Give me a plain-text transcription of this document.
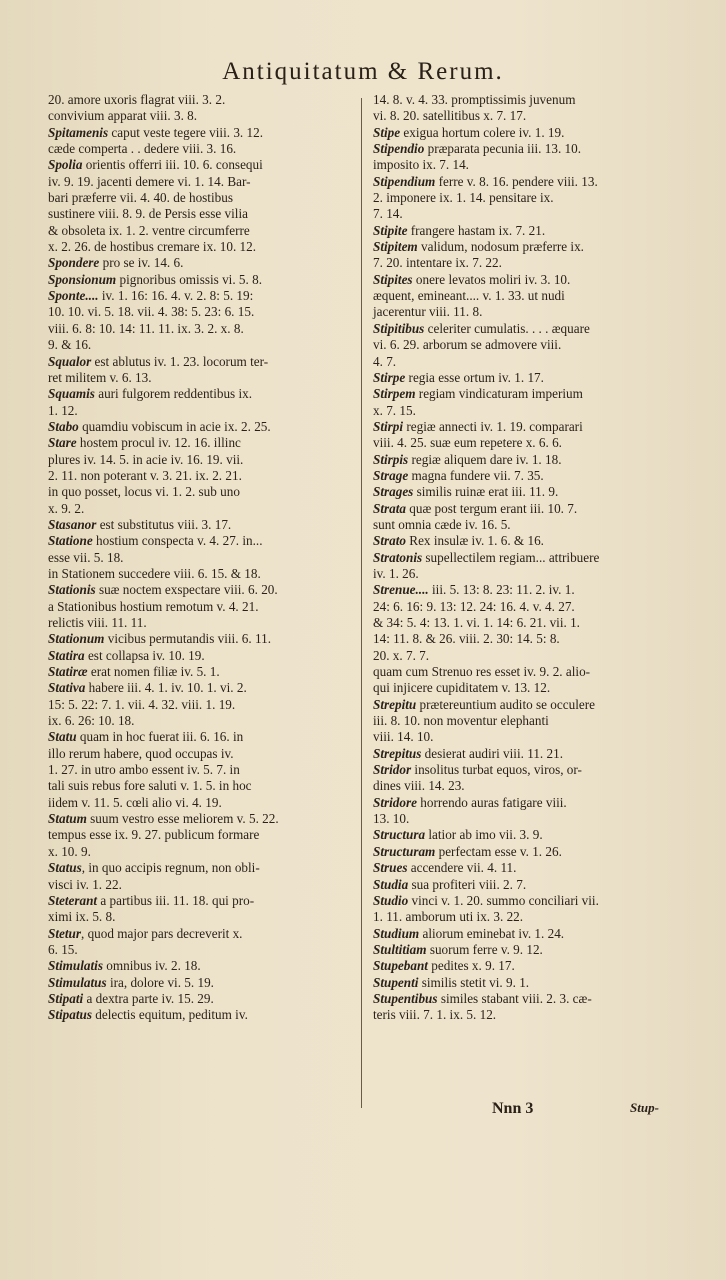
Antiquitatum & Rerum.
20. amore uxoris flagrat viii. 3. 2.
convivium apparat viii. 3. 8.
Spitamenis caput veste tegere viii. 3. 12.
cæde comperta . . dedere viii. 3. 16.
Spolia orientis offerri iii. 10. 6. consequi
iv. 9. 19. jacenti demere vi. 1. 14. Bar-
bari præferre vii. 4. 40. de hostibus
sustinere viii. 8. 9. de Persis esse vilia
& obsoleta ix. 1. 2. ventre circumferre
x. 2. 26. de hostibus cremare ix. 10. 12.
Spondere pro se iv. 14. 6.
Sponsionum pignoribus omissis vi. 5. 8.
Sponte.... iv. 1. 16: 16. 4. v. 2. 8: 5. 19:
10. 10. vi. 5. 18. vii. 4. 38: 5. 23: 6. 15.
viii. 6. 8: 10. 14: 11. 11. ix. 3. 2. x. 8.
9. & 16.
Squalor est ablutus iv. 1. 23. locorum ter-
ret militem v. 6. 13.
Squamis auri fulgorem reddentibus ix.
1. 12.
Stabo quamdiu vobiscum in acie ix. 2. 25.
Stare hostem procul iv. 12. 16. illinc
plures iv. 14. 5. in acie iv. 16. 19. vii.
2. 11. non poterant v. 3. 21. ix. 2. 21.
in quo posset, locus vi. 1. 2. sub uno
x. 9. 2.
Stasanor est substitutus viii. 3. 17.
Statione hostium conspecta v. 4. 27. in...
esse vii. 5. 18.
in Stationem succedere viii. 6. 15. & 18.
Stationis suæ noctem exspectare viii. 6. 20.
a Stationibus hostium remotum v. 4. 21.
relictis viii. 11. 11.
Stationum vicibus permutandis viii. 6. 11.
Statira est collapsa iv. 10. 19.
Statiræ erat nomen filiæ iv. 5. 1.
Stativa habere iii. 4. 1. iv. 10. 1. vi. 2.
15: 5. 22: 7. 1. vii. 4. 32. viii. 1. 19.
ix. 6. 26: 10. 18.
Statu quam in hoc fuerat iii. 6. 16. in
illo rerum habere, quod occupas iv.
1. 27. in utro ambo essent iv. 5. 7. in
tali suis rebus fore saluti v. 1. 5. in hoc
iidem v. 11. 5. cœli alio vi. 4. 19.
Statum suum vestro esse meliorem v. 5. 22.
tempus esse ix. 9. 27. publicum formare
x. 10. 9.
Status, in quo accipis regnum, non obli-
visci iv. 1. 22.
Steterant a partibus iii. 11. 18. qui pro-
ximi ix. 5. 8.
Stetur, quod major pars decreverit x.
6. 15.
Stimulatis omnibus iv. 2. 18.
Stimulatus ira, dolore vi. 5. 19.
Stipati a dextra parte iv. 15. 29.
Stipatus delectis equitum, peditum iv.
14. 8. v. 4. 33. promptissimis juvenum
vi. 8. 20. satellitibus x. 7. 17.
Stipe exigua hortum colere iv. 1. 19.
Stipendio præparata pecunia iii. 13. 10.
imposito ix. 7. 14.
Stipendium ferre v. 8. 16. pendere viii. 13.
2. imponere ix. 1. 14. pensitare ix.
7. 14.
Stipite frangere hastam ix. 7. 21.
Stipitem validum, nodosum præferre ix.
7. 20. intentare ix. 7. 22.
Stipites onere levatos moliri iv. 3. 10.
æquent, emineant.... v. 1. 33. ut nudi
jacerentur viii. 11. 8.
Stipitibus celeriter cumulatis. . . . æquare
vi. 6. 29. arborum se admovere viii.
4. 7.
Stirpe regia esse ortum iv. 1. 17.
Stirpem regiam vindicaturam imperium
x. 7. 15.
Stirpi regiæ annecti iv. 1. 19. comparari
viii. 4. 25. suæ eum repetere x. 6. 6.
Stirpis regiæ aliquem dare iv. 1. 18.
Strage magna fundere vii. 7. 35.
Strages similis ruinæ erat iii. 11. 9.
Strata quæ post tergum erant iii. 10. 7.
sunt omnia cæde iv. 16. 5.
Strato Rex insulæ iv. 1. 6. & 16.
Stratonis supellectilem regiam... attribuere
iv. 1. 26.
Strenue.... iii. 5. 13: 8. 23: 11. 2. iv. 1.
24: 6. 16: 9. 13: 12. 24: 16. 4. v. 4. 27.
& 34: 5. 4: 13. 1. vi. 1. 14: 6. 21. vii. 1.
14: 11. 8. & 26. viii. 2. 30: 14. 5: 8.
20. x. 7. 7.
quam cum Strenuo res esset iv. 9. 2. alio-
qui injicere cupiditatem v. 13. 12.
Strepitu prætereuntium audito se occulere
iii. 8. 10. non moventur elephanti
viii. 14. 10.
Strepitus desierat audiri viii. 11. 21.
Stridor insolitus turbat equos, viros, or-
dines viii. 14. 23.
Stridore horrendo auras fatigare viii.
13. 10.
Structura latior ab imo vii. 3. 9.
Structuram perfectam esse v. 1. 26.
Strues accendere vii. 4. 11.
Studia sua profiteri viii. 2. 7.
Studio vinci v. 1. 20. summo conciliari vii.
1. 11. amborum uti ix. 3. 22.
Studium aliorum eminebat iv. 1. 24.
Stultitiam suorum ferre v. 9. 12.
Stupebant pedites x. 9. 17.
Stupenti similis stetit vi. 9. 1.
Stupentibus similes stabant viii. 2. 3. cæ-
teris viii. 7. 1. ix. 5. 12.
Nnn 3	Stup-
